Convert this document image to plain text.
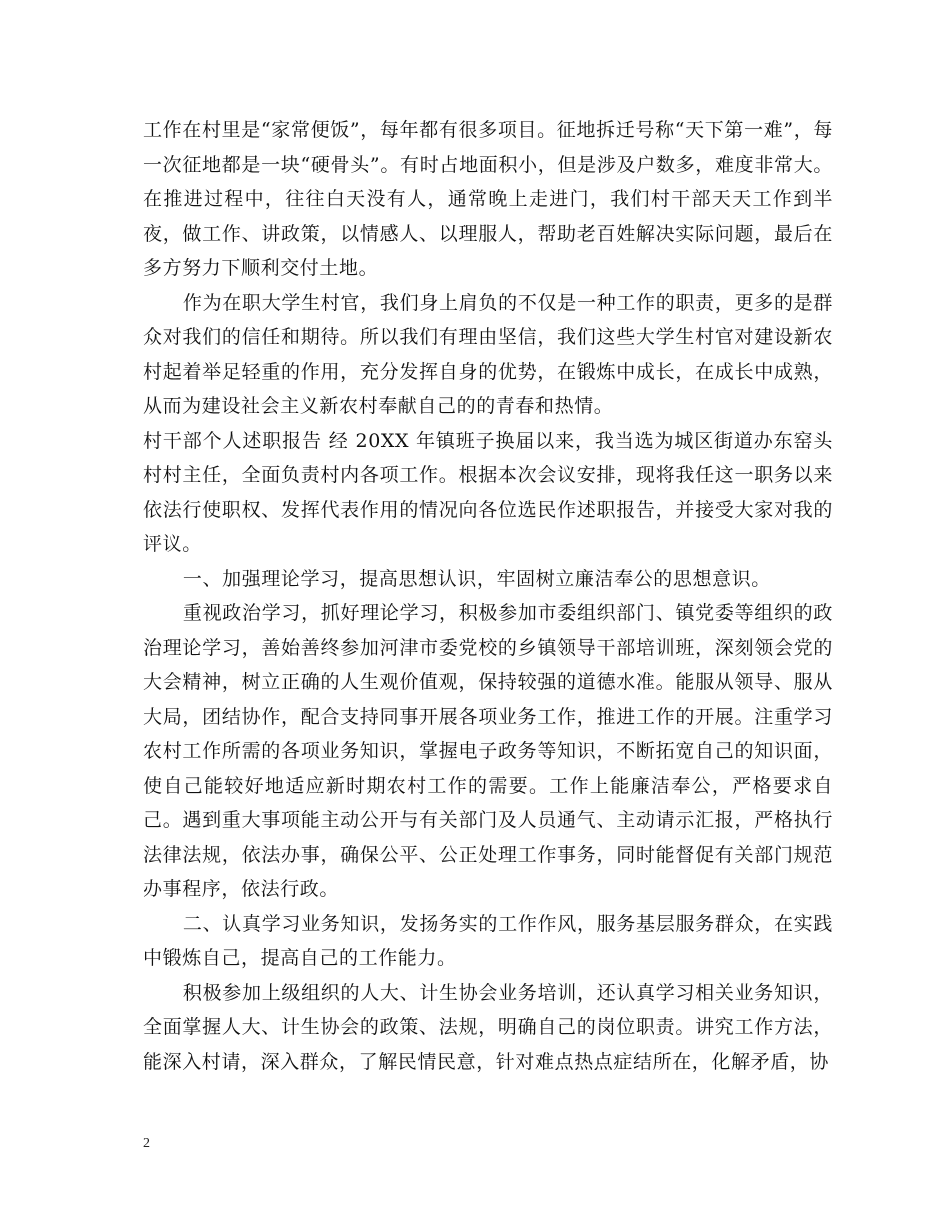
工作在村里是“家常便饭”，每年都有很多项目。征地拆迁号称“天下第一难”，每一次征地都是一块“硬骨头”。有时占地面积小，但是涉及户数多，难度非常大。在推进过程中，往往白天没有人，通常晚上走进门，我们村干部天天工作到半夜，做工作、讲政策，以情感人、以理服人，帮助老百姓解决实际问题，最后在多方努力下顺利交付土地。

作为在职大学生村官，我们身上肩负的不仅是一种工作的职责，更多的是群众对我们的信任和期待。所以我们有理由坚信，我们这些大学生村官对建设新农村起着举足轻重的作用，充分发挥自身的优势，在锻炼中成长，在成长中成熟，从而为建设社会主义新农村奉献自己的的青春和热情。

村干部个人述职报告 经 20XX 年镇班子换届以来，我当选为城区街道办东窑头村村主任，全面负责村内各项工作。根据本次会议安排，现将我任这一职务以来依法行使职权、发挥代表作用的情况向各位选民作述职报告，并接受大家对我的评议。

一、加强理论学习，提高思想认识，牢固树立廉洁奉公的思想意识。

重视政治学习，抓好理论学习，积极参加市委组织部门、镇党委等组织的政治理论学习，善始善终参加河津市委党校的乡镇领导干部培训班，深刻领会党的大会精神，树立正确的人生观价值观，保持较强的道德水准。能服从领导、服从大局，团结协作，配合支持同事开展各项业务工作，推进工作的开展。注重学习农村工作所需的各项业务知识，掌握电子政务等知识，不断拓宽自己的知识面，使自己能较好地适应新时期农村工作的需要。工作上能廉洁奉公，严格要求自己。遇到重大事项能主动公开与有关部门及人员通气、主动请示汇报，严格执行法律法规，依法办事，确保公平、公正处理工作事务，同时能督促有关部门规范办事程序，依法行政。

二、认真学习业务知识，发扬务实的工作作风，服务基层服务群众，在实践中锻炼自己，提高自己的工作能力。

积极参加上级组织的人大、计生协会业务培训，还认真学习相关业务知识，全面掌握人大、计生协会的政策、法规，明确自己的岗位职责。讲究工作方法，能深入村请，深入群众，了解民情民意，针对难点热点症结所在，化解矛盾，协

2
